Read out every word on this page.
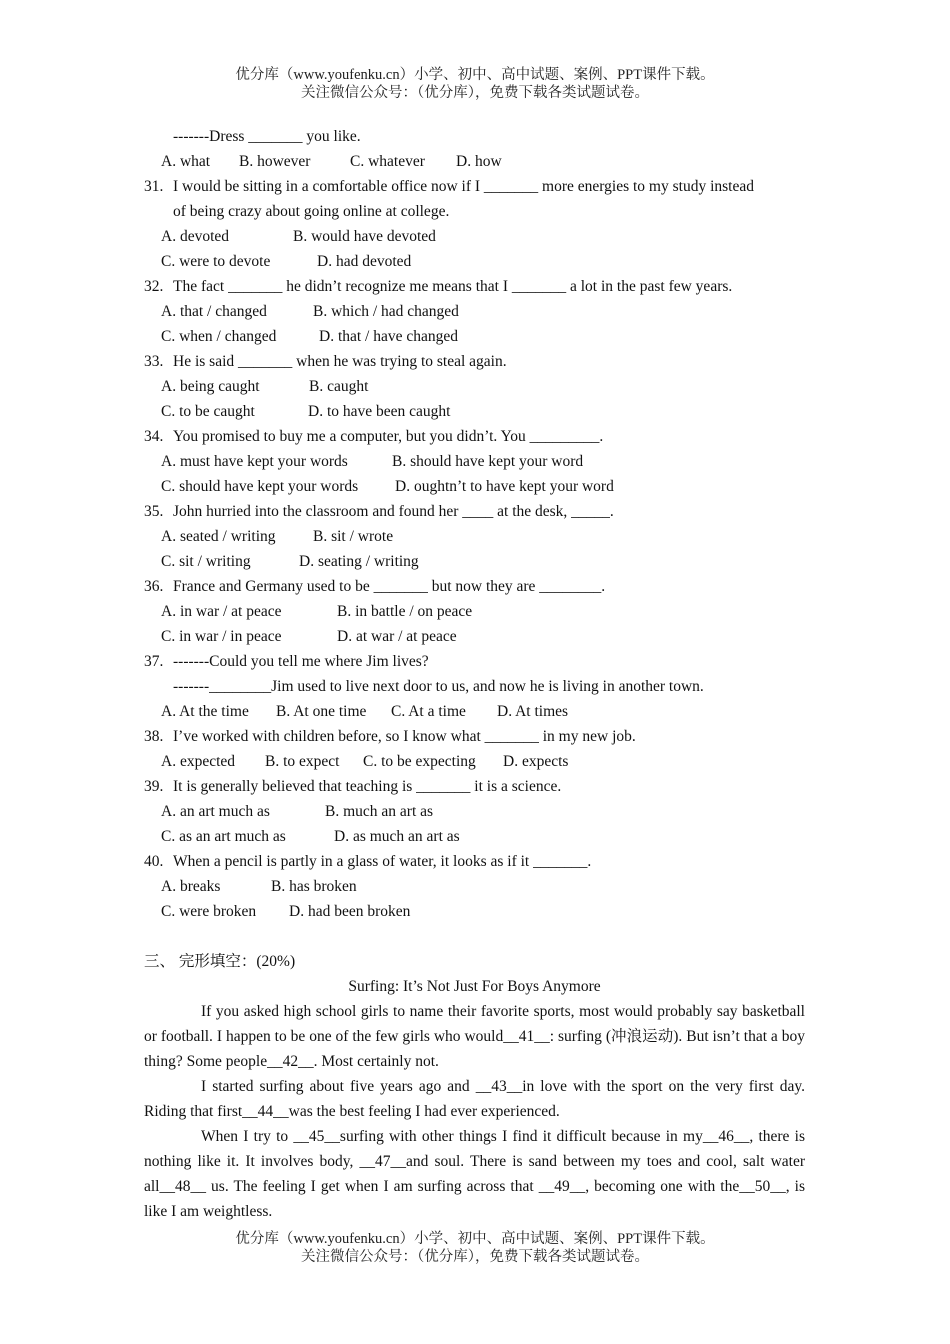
优分库（www.youfenku.cn）小学、初中、高中试题、案例、PPT课件下载。
关注微信公众号：（优分库），免费下载各类试题试卷。
-------Dress _______ you like.
A. what	B. however	C. whatever	D. how
31. I would be sitting in a comfortable office now if I _______ more energies to my study instead
of being crazy about going online at college.
A. devoted	B. would have devoted
C. were to devote	D. had devoted
32. The fact _______ he didn’t recognize me means that I _______ a lot in the past few years.
A. that / changed	B. which / had changed
C. when / changed	D. that / have changed
33. He is said _______ when he was trying to steal again.
A. being caught	B. caught
C. to be caught	D. to have been caught
34. You promised to buy me a computer, but you didn’t. You _________.
A. must have kept your words	B. should have kept your word
C. should have kept your words	D. oughtn’t to have kept your word
35. John hurried into the classroom and found her ____ at the desk, _____.
A. seated / writing	B. sit / wrote
C. sit / writing	D. seating / writing
36. France and Germany used to be _______ but now they are ________.
A. in war / at peace	B. in battle / on peace
C. in war / in peace	D. at war / at peace
37. -------Could you tell me where Jim lives?
-------________Jim used to live next door to us, and now he is living in another town.
A. At the time	B. At one time	C. At a time	D. At times
38. I’ve worked with children before, so I know what _______ in my new job.
A. expected	B. to expect	C. to be expecting	D. expects
39. It is generally believed that teaching is _______ it is a science.
A. an art much as	B. much an art as
C. as an art much as	D. as much an art as
40. When a pencil is partly in a glass of water, it looks as if it _______.
A. breaks	B. has broken
C. were broken	D. had been broken
三、 完形填空：(20%)
Surfing: It’s Not Just For Boys Anymore

If you asked high school girls to name their favorite sports, most would probably say basketball or football. I happen to be one of the few girls who would__41__: surfing (冲浪运动). But isn’t that a boy thing? Some people__42__. Most certainly not.

I started surfing about five years ago and __43__in love with the sport on the very first day. Riding that first__44__was the best feeling I had ever experienced.

When I try to __45__surfing with other things I find it difficult because in my__46__, there is nothing like it. It involves body, __47__and soul. There is sand between my toes and cool, salt water all__48__ us. The feeling I get when I am surfing across that __49__, becoming one with the__50__, is like I am weightless.

优分库（www.youfenku.cn）小学、初中、高中试题、案例、PPT课件下载。
关注微信公众号：（优分库），免费下载各类试题试卷。
